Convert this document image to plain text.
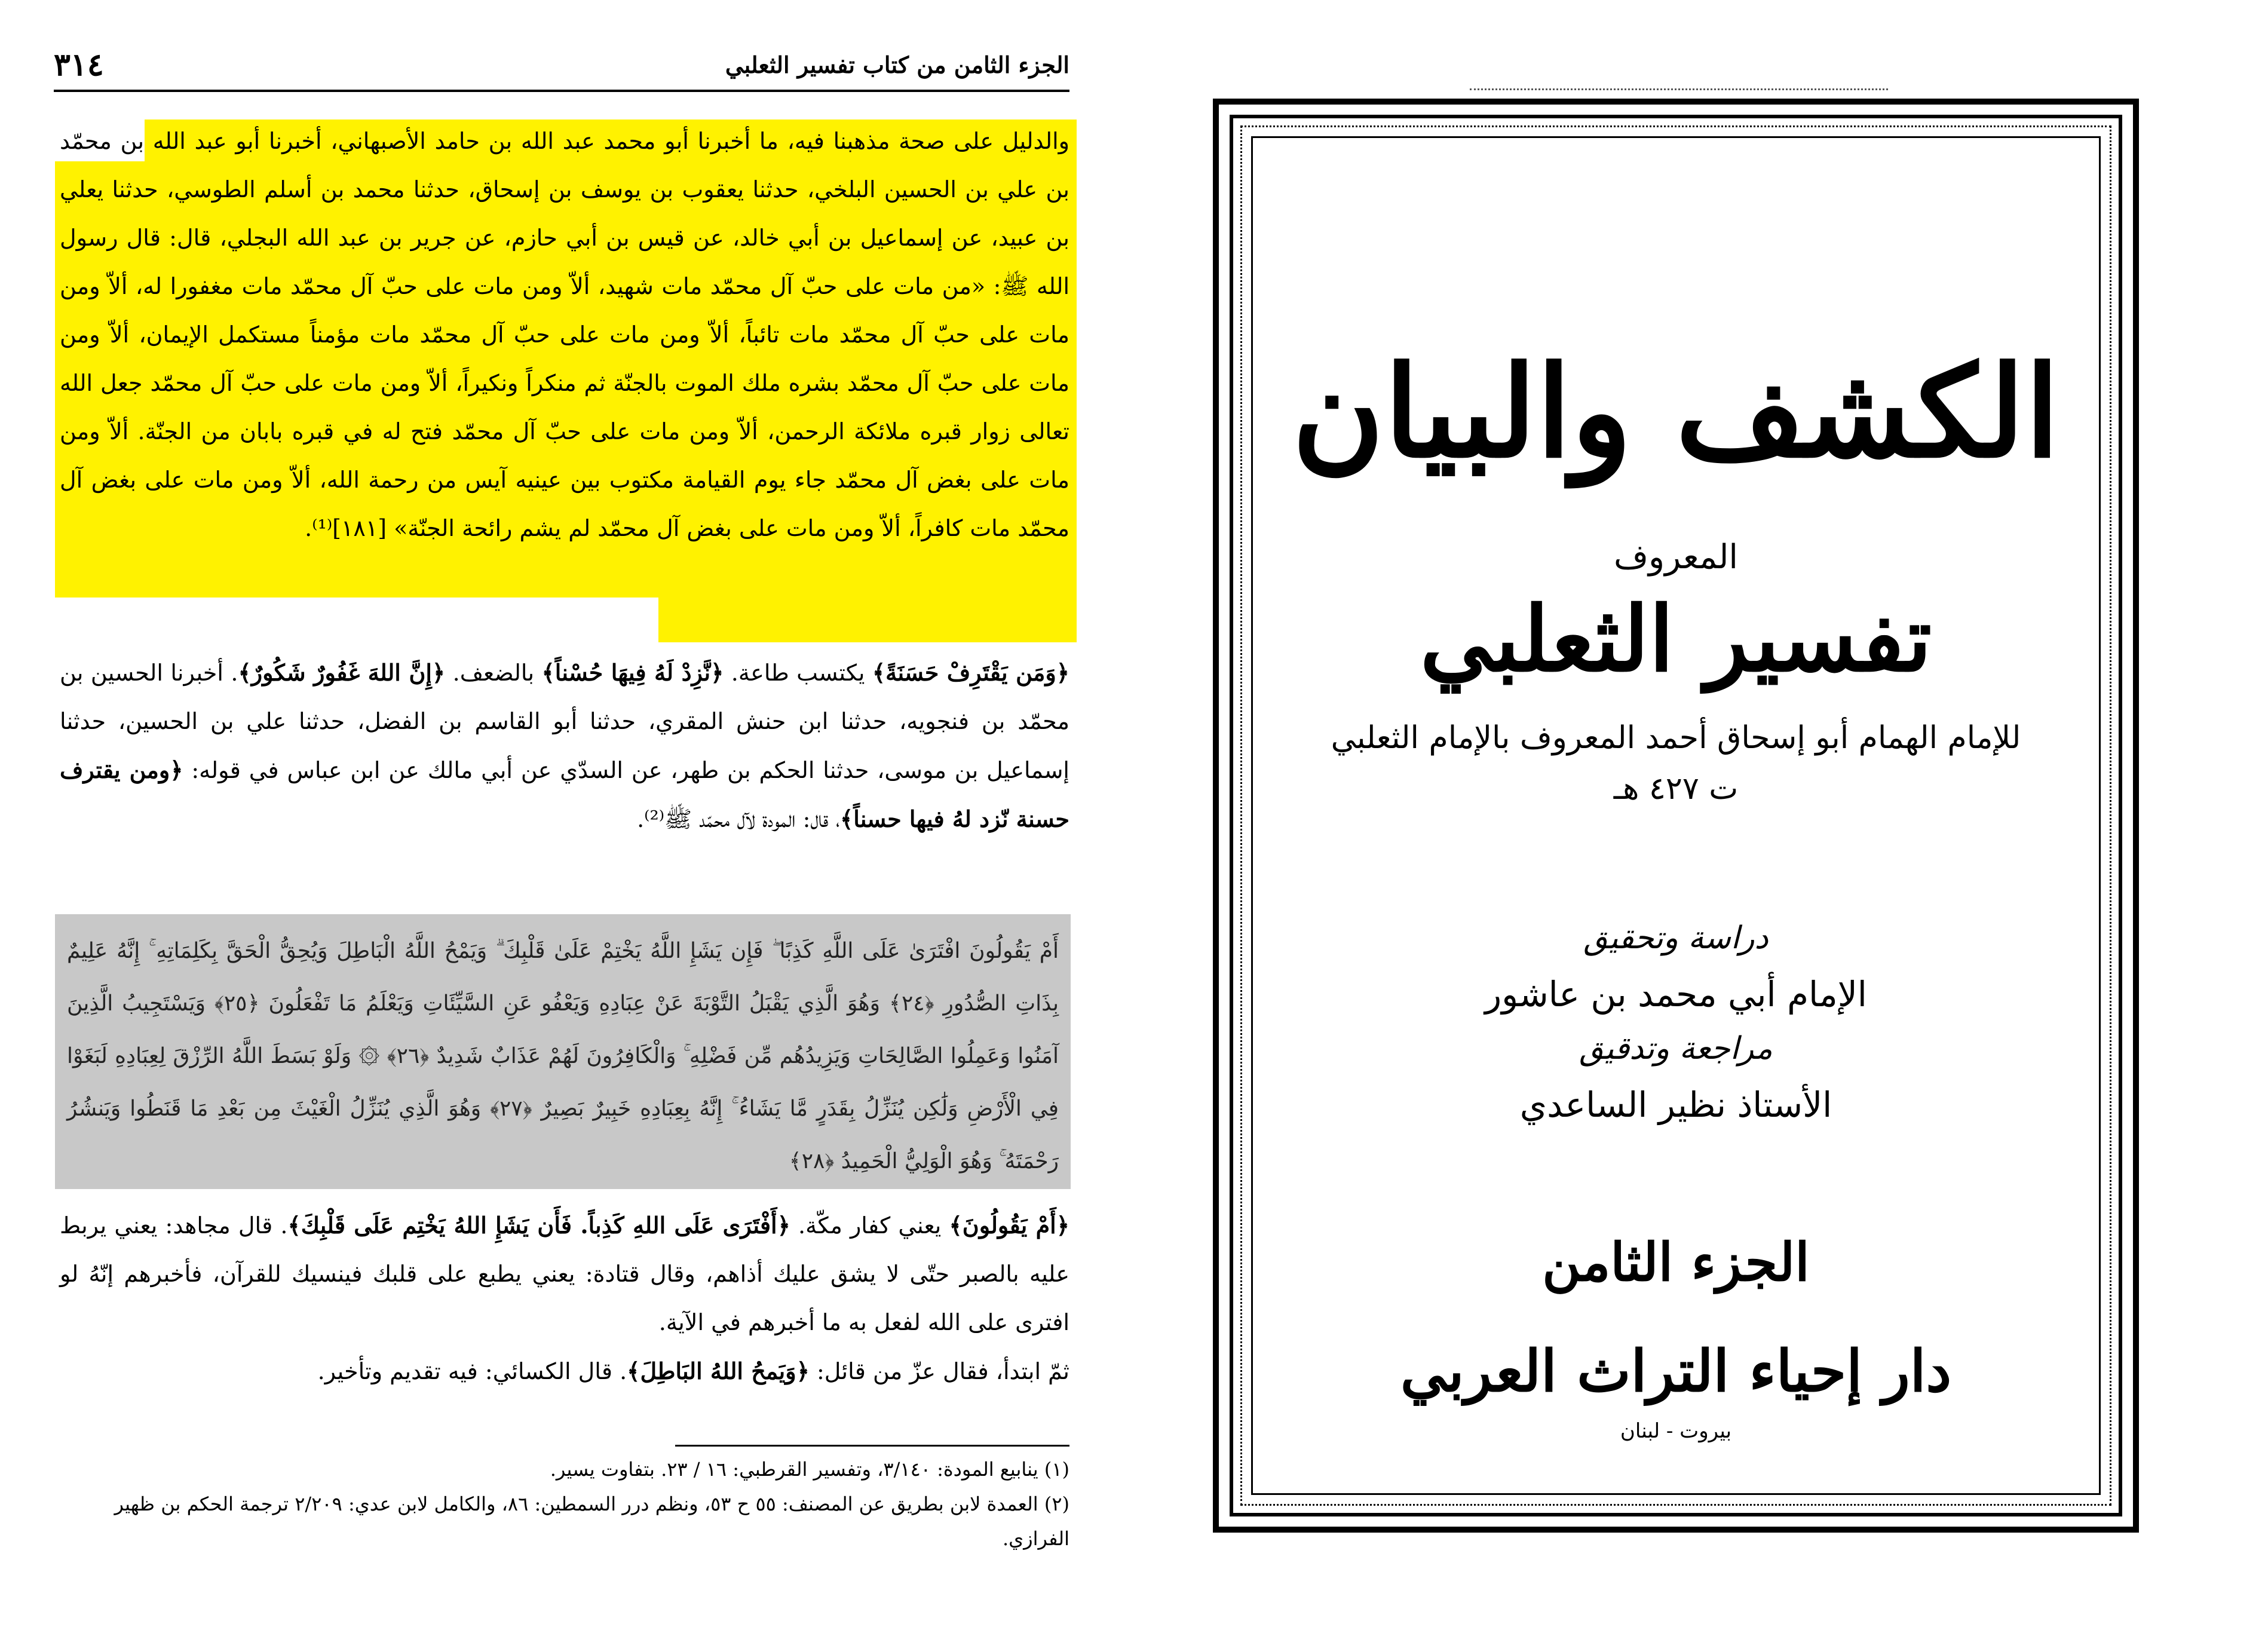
٣١٤	الجزء الثامن من كتاب تفسير الثعلبي
والدليل على صحة مذهبنا فيه، ما أخبرنا أبو محمد عبد الله بن حامد الأصبهاني، أخبرنا أبو عبد الله بن محمّد بن علي بن الحسين البلخي، حدثنا يعقوب بن يوسف بن إسحاق، حدثنا محمد بن أسلم الطوسي، حدثنا يعلي بن عبيد، عن إسماعيل بن أبي خالد، عن قيس بن أبي حازم، عن جرير بن عبد الله البجلي، قال: قال رسول الله ﷺ: «من مات على حبّ آل محمّد مات شهيد، ألاّ ومن مات على حبّ آل محمّد مات مغفورا له، ألاّ ومن مات على حبّ آل محمّد مات تائباً، ألاّ ومن مات على حبّ آل محمّد مات مؤمناً مستكمل الإيمان، ألاّ ومن مات على حبّ آل محمّد بشره ملك الموت بالجنّة ثم منكراً ونكيراً، ألاّ ومن مات على حبّ آل محمّد جعل الله تعالى زوار قبره ملائكة الرحمن، ألاّ ومن مات على حبّ آل محمّد فتح له في قبره بابان من الجنّة. ألاّ ومن مات على بغض آل محمّد جاء يوم القيامة مكتوب بين عينيه آيس من رحمة الله، ألاّ ومن مات على بغض آل محمّد مات كافراً، ألاّ ومن مات على بغض آل محمّد لم يشم رائحة الجنّة» [١٨١]⁽¹⁾.
﴿وَمَن يَقْتَرِفْ حَسَنَةً﴾ يكتسب طاعة. ﴿نَّزِدْ لَهُ فِيهَا حُسْناً﴾ بالضعف. ﴿إِنَّ اللهَ غَفُورٌ شَكُورٌ﴾. أخبرنا الحسين بن محمّد بن فنجويه، حدثنا ابن حنش المقري، حدثنا أبو القاسم بن الفضل، حدثنا علي بن الحسين، حدثنا إسماعيل بن موسى، حدثنا الحكم بن طهر، عن السدّي عن أبي مالك عن ابن عباس في قوله: ﴿ومن يقترف حسنة نّزد لهُ فيها حسناً﴾، قال: المودة لآل محمّد ﷺ⁽²⁾.
أَمْ يَقُولُونَ افْتَرَىٰ عَلَى اللَّهِ كَذِبًا ۖ فَإِن يَشَإِ اللَّهُ يَخْتِمْ عَلَىٰ قَلْبِكَ ۗ وَيَمْحُ اللَّهُ الْبَاطِلَ وَيُحِقُّ الْحَقَّ بِكَلِمَاتِهِ ۚ إِنَّهُ عَلِيمٌ بِذَاتِ الصُّدُورِ ﴿٢٤﴾ وَهُوَ الَّذِي يَقْبَلُ التَّوْبَةَ عَنْ عِبَادِهِ وَيَعْفُو عَنِ السَّيِّئَاتِ وَيَعْلَمُ مَا تَفْعَلُونَ ﴿٢٥﴾ وَيَسْتَجِيبُ الَّذِينَ آمَنُوا وَعَمِلُوا الصَّالِحَاتِ وَيَزِيدُهُم مِّن فَضْلِهِ ۚ وَالْكَافِرُونَ لَهُمْ عَذَابٌ شَدِيدٌ ﴿٢٦﴾ ۞ وَلَوْ بَسَطَ اللَّهُ الرِّزْقَ لِعِبَادِهِ لَبَغَوْا فِي الْأَرْضِ وَلَٰكِن يُنَزِّلُ بِقَدَرٍ مَّا يَشَاءُ ۚ إِنَّهُ بِعِبَادِهِ خَبِيرٌ بَصِيرٌ ﴿٢٧﴾ وَهُوَ الَّذِي يُنَزِّلُ الْغَيْثَ مِن بَعْدِ مَا قَنَطُوا وَيَنشُرُ رَحْمَتَهُ ۚ وَهُوَ الْوَلِيُّ الْحَمِيدُ ﴿٢٨﴾
﴿أَمْ يَقُولُونَ﴾ يعني كفار مكّة. ﴿أَفْتَرَى عَلَى اللهِ كَذِباً. فَأَن يَشَإِ اللهُ يَخْتِم عَلَى قَلْبِكَ﴾. قال مجاهد: يعني يربط عليه بالصبر حتّى لا يشق عليك أذاهم، وقال قتادة: يعني يطبع على قلبك فينسيك للقرآن، فأخبرهم إنّهُ لو افترى على الله لفعل به ما أخبرهم في الآية.
ثمّ ابتدأ، فقال عزّ من قائل: ﴿وَيَمحُ اللهُ البَاطِلَ﴾. قال الكسائي: فيه تقديم وتأخير.
(١) ينابيع المودة: ٣/١٤٠، وتفسير القرطبي: ١٦ / ٢٣. بتفاوت يسير.
(٢) العمدة لابن بطريق عن المصنف: ٥٥ ح ٥٣، ونظم درر السمطين: ٨٦، والكامل لابن عدي: ٢/٢٠٩ ترجمة الحكم بن ظهير الفرازي.
الكشف والبيان
المعروف
تفسير الثعلبي
للإمام الهمام أبو إسحاق أحمد المعروف بالإمام الثعلبي
ت ٤٢٧ هـ
دراسة وتحقيق
الإمام أبي محمد بن عاشور
مراجعة وتدقيق
الأستاذ نظير الساعدي
الجزء الثامن
دار إحياء التراث العربي
بيروت - لبنان
